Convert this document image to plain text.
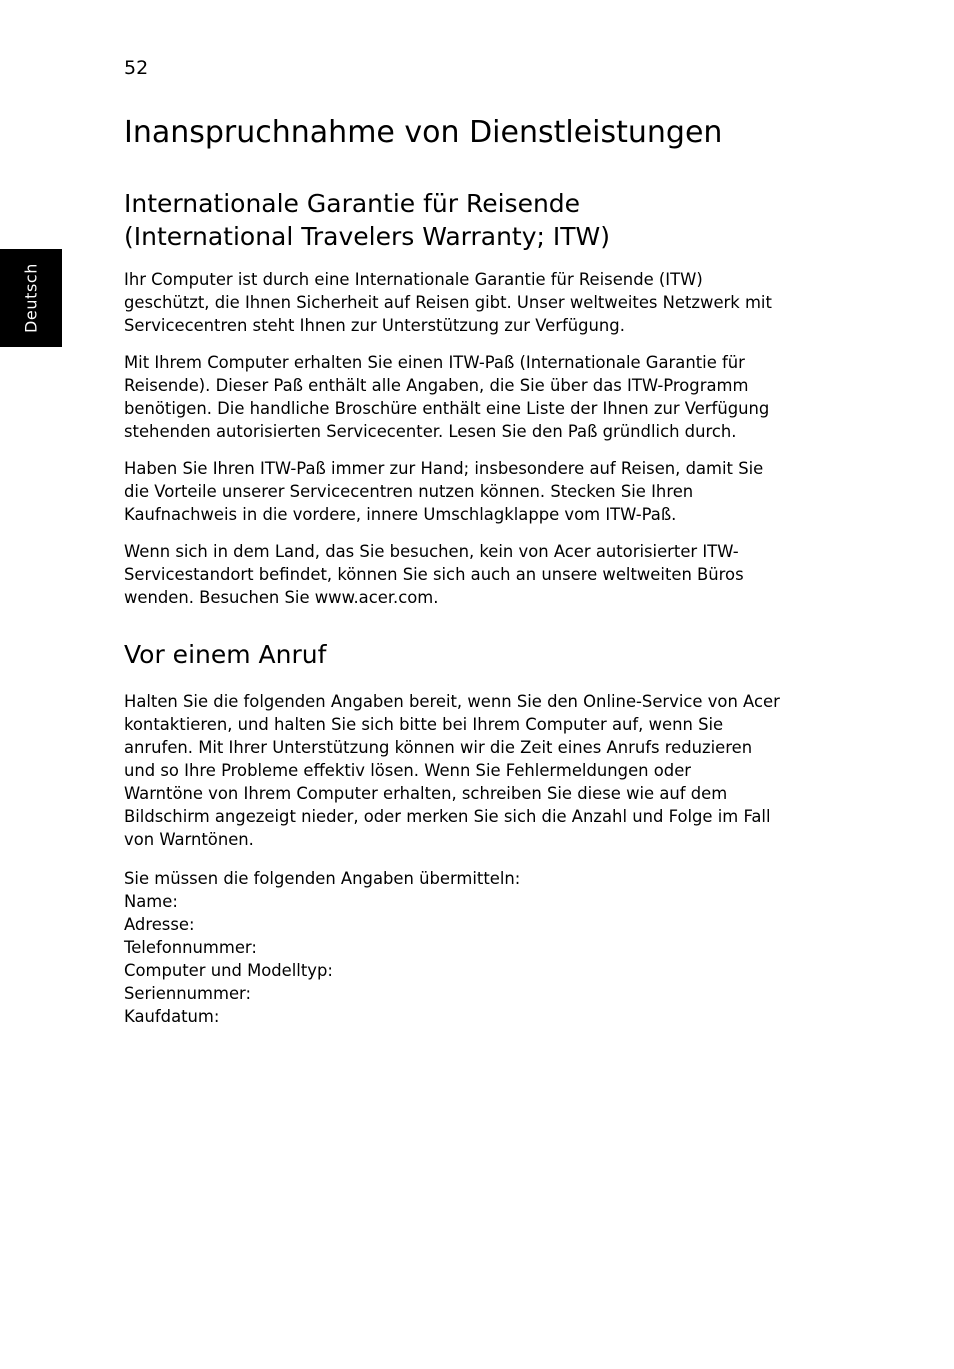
52
Deutsch
Inanspruchnahme von Dienstleistungen
Internationale Garantie für Reisende
(International Travelers Warranty; ITW)

Ihr Computer ist durch eine Internationale Garantie für Reisende (ITW)
geschützt, die Ihnen Sicherheit auf Reisen gibt. Unser weltweites Netzwerk mit
Servicecentren steht Ihnen zur Unterstützung zur Verfügung.

Mit Ihrem Computer erhalten Sie einen ITW-Paß (Internationale Garantie für
Reisende). Dieser Paß enthält alle Angaben, die Sie über das ITW-Programm
benötigen. Die handliche Broschüre enthält eine Liste der Ihnen zur Verfügung
stehenden autorisierten Servicecenter. Lesen Sie den Paß gründlich durch.

Haben Sie Ihren ITW-Paß immer zur Hand; insbesondere auf Reisen, damit Sie
die Vorteile unserer Servicecentren nutzen können. Stecken Sie Ihren
Kaufnachweis in die vordere, innere Umschlagklappe vom ITW-Paß.

Wenn sich in dem Land, das Sie besuchen, kein von Acer autorisierter ITW-
Servicestandort befindet, können Sie sich auch an unsere weltweiten Büros
wenden. Besuchen Sie www.acer.com.

Vor einem Anruf

Halten Sie die folgenden Angaben bereit, wenn Sie den Online-Service von Acer
kontaktieren, und halten Sie sich bitte bei Ihrem Computer auf, wenn Sie
anrufen. Mit Ihrer Unterstützung können wir die Zeit eines Anrufs reduzieren
und so Ihre Probleme effektiv lösen. Wenn Sie Fehlermeldungen oder
Warntöne von Ihrem Computer erhalten, schreiben Sie diese wie auf dem
Bildschirm angezeigt nieder, oder merken Sie sich die Anzahl und Folge im Fall
von Warntönen.

Sie müssen die folgenden Angaben übermitteln:
Name:
Adresse:
Telefonnummer:
Computer und Modelltyp:
Seriennummer:
Kaufdatum:
